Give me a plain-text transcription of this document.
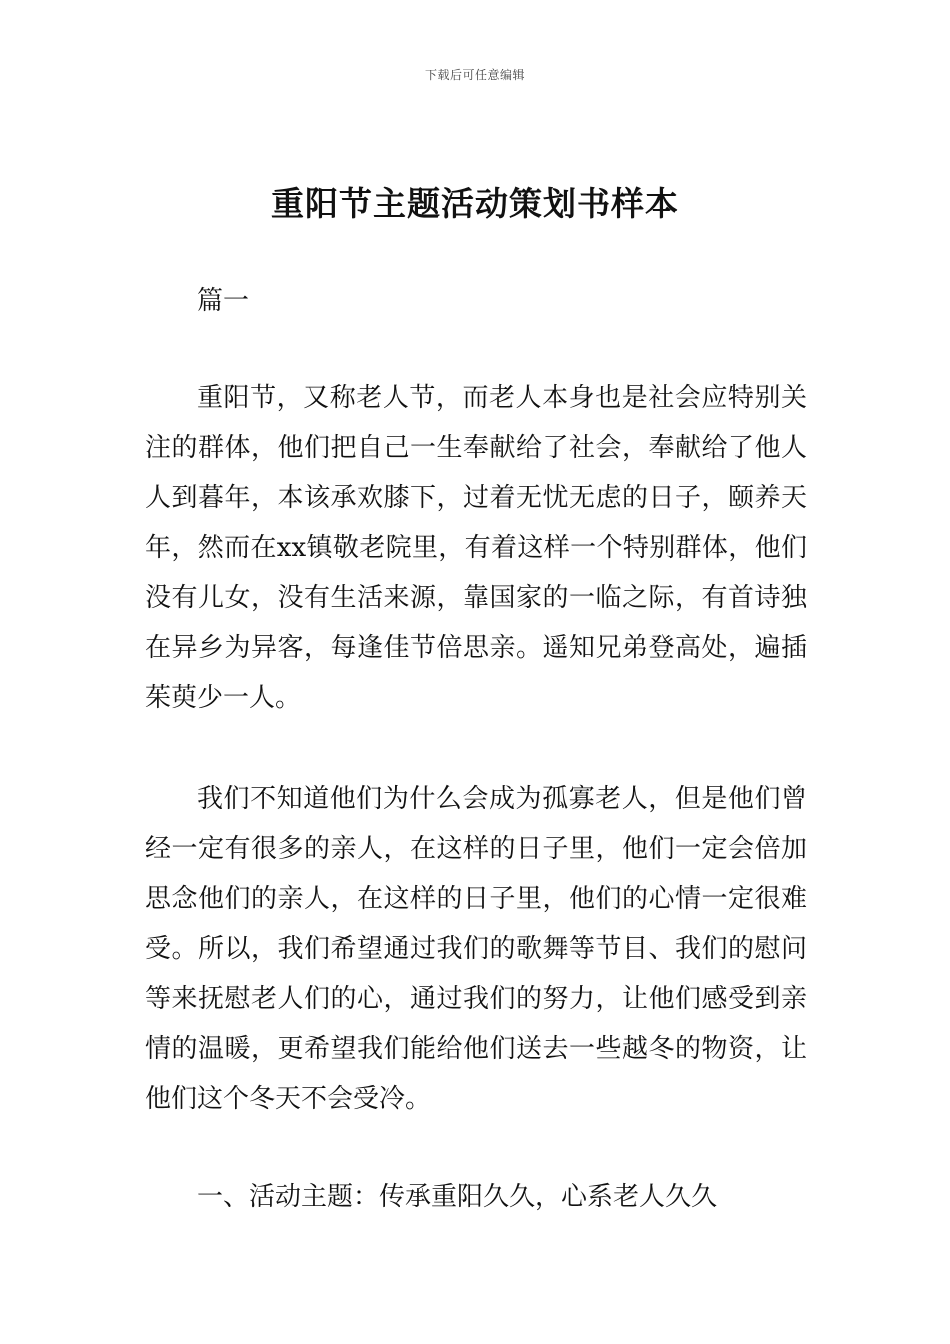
下载后可任意编辑
重阳节主题活动策划书样本

篇一

重阳节，又称老人节，而老人本身也是社会应特别关注的群体，他们把自己一生奉献给了社会，奉献给了他人人到暮年，本该承欢膝下，过着无忧无虑的日子，颐养天年，然而在xx镇敬老院里，有着这样一个特别群体，他们没有儿女，没有生活来源，靠国家的一临之际，有首诗独在异乡为异客，每逢佳节倍思亲。遥知兄弟登高处，遍插茱萸少一人。

我们不知道他们为什么会成为孤寡老人，但是他们曾经一定有很多的亲人，在这样的日子里，他们一定会倍加思念他们的亲人，在这样的日子里，他们的心情一定很难受。所以，我们希望通过我们的歌舞等节目、我们的慰问等来抚慰老人们的心，通过我们的努力，让他们感受到亲情的温暖，更希望我们能给他们送去一些越冬的物资，让他们这个冬天不会受冷。

一、活动主题：传承重阳久久，心系老人久久
